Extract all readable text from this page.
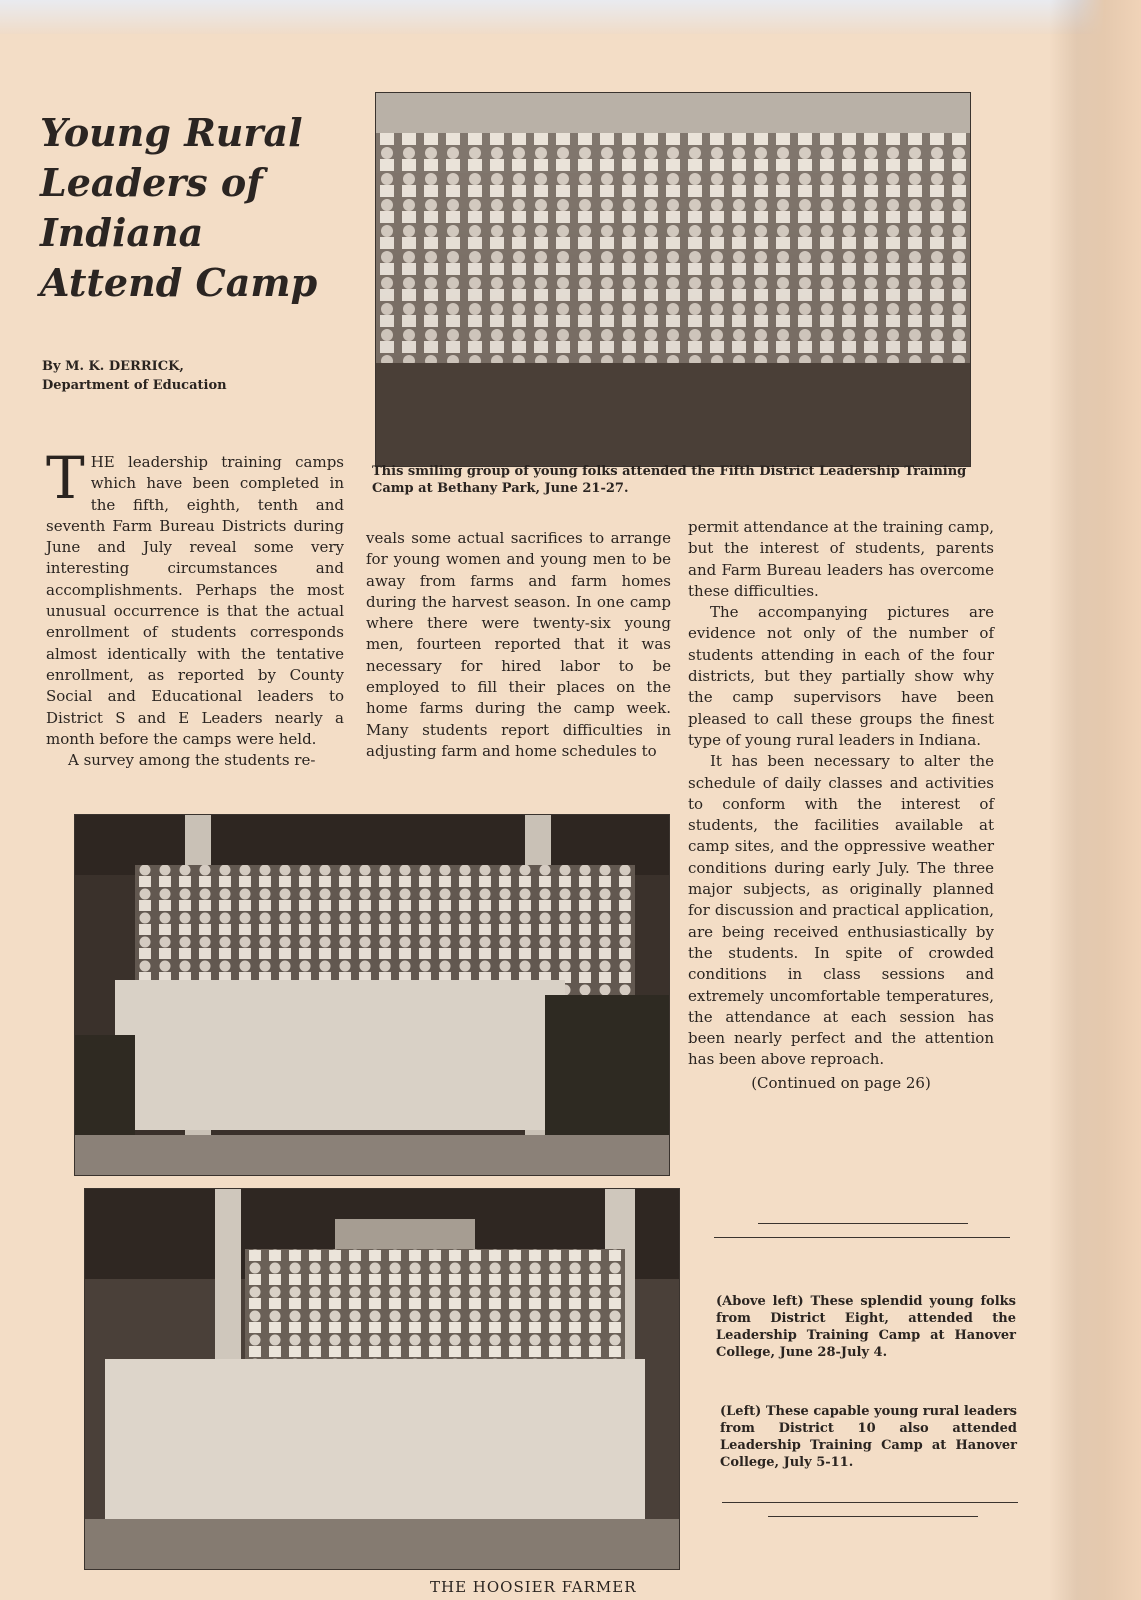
Young Rural
Leaders of
Indiana
Attend Camp
By M. K. DERRICK,
Department of Education
This smiling group of young folks attended the Fifth District Leadership Training Camp at Bethany Park, June 21-27.

THE leadership training camps which have been completed in the fifth, eighth, tenth and seventh Farm Bureau Districts during June and July reveal some very interesting circumstances and accomplishments. Perhaps the most unusual occurrence is that the actual enrollment of students corresponds almost identically with the tentative enrollment, as reported by County Social and Educational leaders to District S and E Leaders nearly a month before the camps were held.

A survey among the students re-

veals some actual sacrifices to arrange for young women and young men to be away from farms and farm homes during the harvest season. In one camp where there were twenty-six young men, fourteen reported that it was necessary for hired labor to be employed to fill their places on the home farms during the camp week. Many students report difficulties in adjusting farm and home schedules to

permit attendance at the training camp, but the interest of students, parents and Farm Bureau leaders has overcome these difficulties.

The accompanying pictures are evidence not only of the number of students attending in each of the four districts, but they partially show why the camp supervisors have been pleased to call these groups the finest type of young rural leaders in Indiana.

It has been necessary to alter the schedule of daily classes and activities to conform with the interest of students, the facilities available at camp sites, and the oppressive weather conditions during early July. The three major subjects, as originally planned for discussion and practical application, are being received enthusiastically by the students. In spite of crowded conditions in class sessions and extremely uncomfortable temperatures, the attendance at each session has been nearly perfect and the attention has been above reproach.

(Continued on page 26)

(Above left) These splendid young folks from District Eight, attended the Leadership Training Camp at Hanover College, June 28-July 4.
(Left) These capable young rural leaders from District 10 also attended Leadership Training Camp at Hanover College, July 5-11.
THE HOOSIER FARMER
